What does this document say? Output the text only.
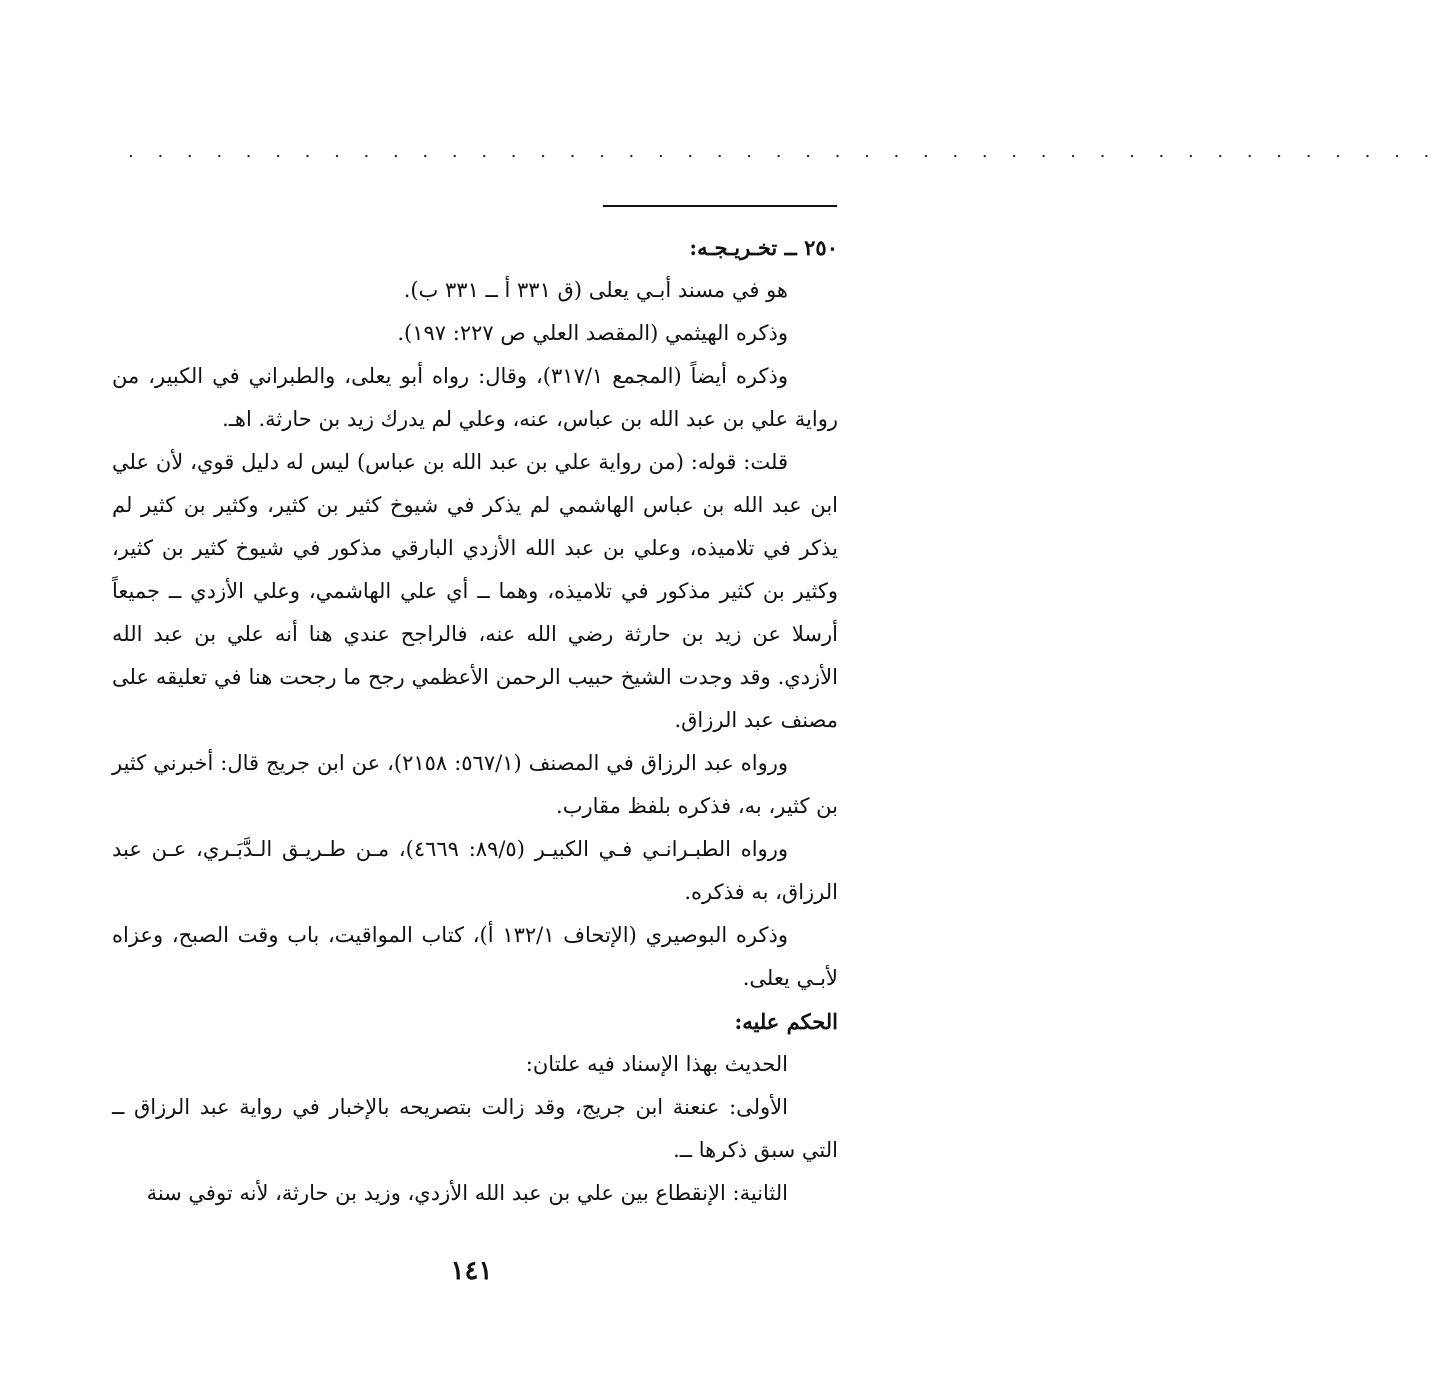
. . . . . . . . . . . . . . . . . . . . . . . . . . . . . . . . . . . . . . . . . . . . .

٢٥٠ ــ تخـريـجـه:

هو في مسند أبـي يعلى (ق ٣٣١ أ ــ ٣٣١ ب).

وذكره الهيثمي (المقصد العلي ص ٢٢٧: ١٩٧).

وذكره أيضاً (المجمع ٣١٧/١)، وقال: رواه أبو يعلى، والطبراني في الكبير، من رواية علي بن عبد الله بن عباس، عنه، وعلي لم يدرك زيد بن حارثة. اهـ.

قلت: قوله: (من رواية علي بن عبد الله بن عباس) ليس له دليل قوي، لأن علي ابن عبد الله بن عباس الهاشمي لم يذكر في شيوخ كثير بن كثير، وكثير بن كثير لم يذكر في تلاميذه، وعلي بن عبد الله الأزدي البارقي مذكور في شيوخ كثير بن كثير، وكثير بن كثير مذكور في تلاميذه، وهما ــ أي علي الهاشمي، وعلي الأزدي ــ جميعاً أرسلا عن زيد بن حارثة رضي الله عنه، فالراجح عندي هنا أنه علي بن عبد الله الأزدي. وقد وجدت الشيخ حبيب الرحمن الأعظمي رجح ما رجحت هنا في تعليقه على مصنف عبد الرزاق.

ورواه عبد الرزاق في المصنف (٥٦٧/١: ٢١٥٨)، عن ابن جريج قال: أخبرني كثير بن كثير، به، فذكره بلفظ مقارب.

ورواه الطبـرانـي فـي الكبيـر (٨٩/٥: ٤٦٦٩)، مـن طـريـق الـدَّبَـري، عـن عبد الرزاق، به فذكره.

وذكره البوصيري (الإتحاف ١٣٢/١ أ)، كتاب المواقيت، باب وقت الصبح، وعزاه لأبـي يعلى.

الحكم عليه:

الحديث بهذا الإسناد فيه علتان:

الأولى: عنعنة ابن جريج، وقد زالت بتصريحه بالإخبار في رواية عبد الرزاق ــ التي سبق ذكرها ــ.

الثانية: الإنقطاع بين علي بن عبد الله الأزدي، وزيد بن حارثة، لأنه توفي سنة

١٤١
